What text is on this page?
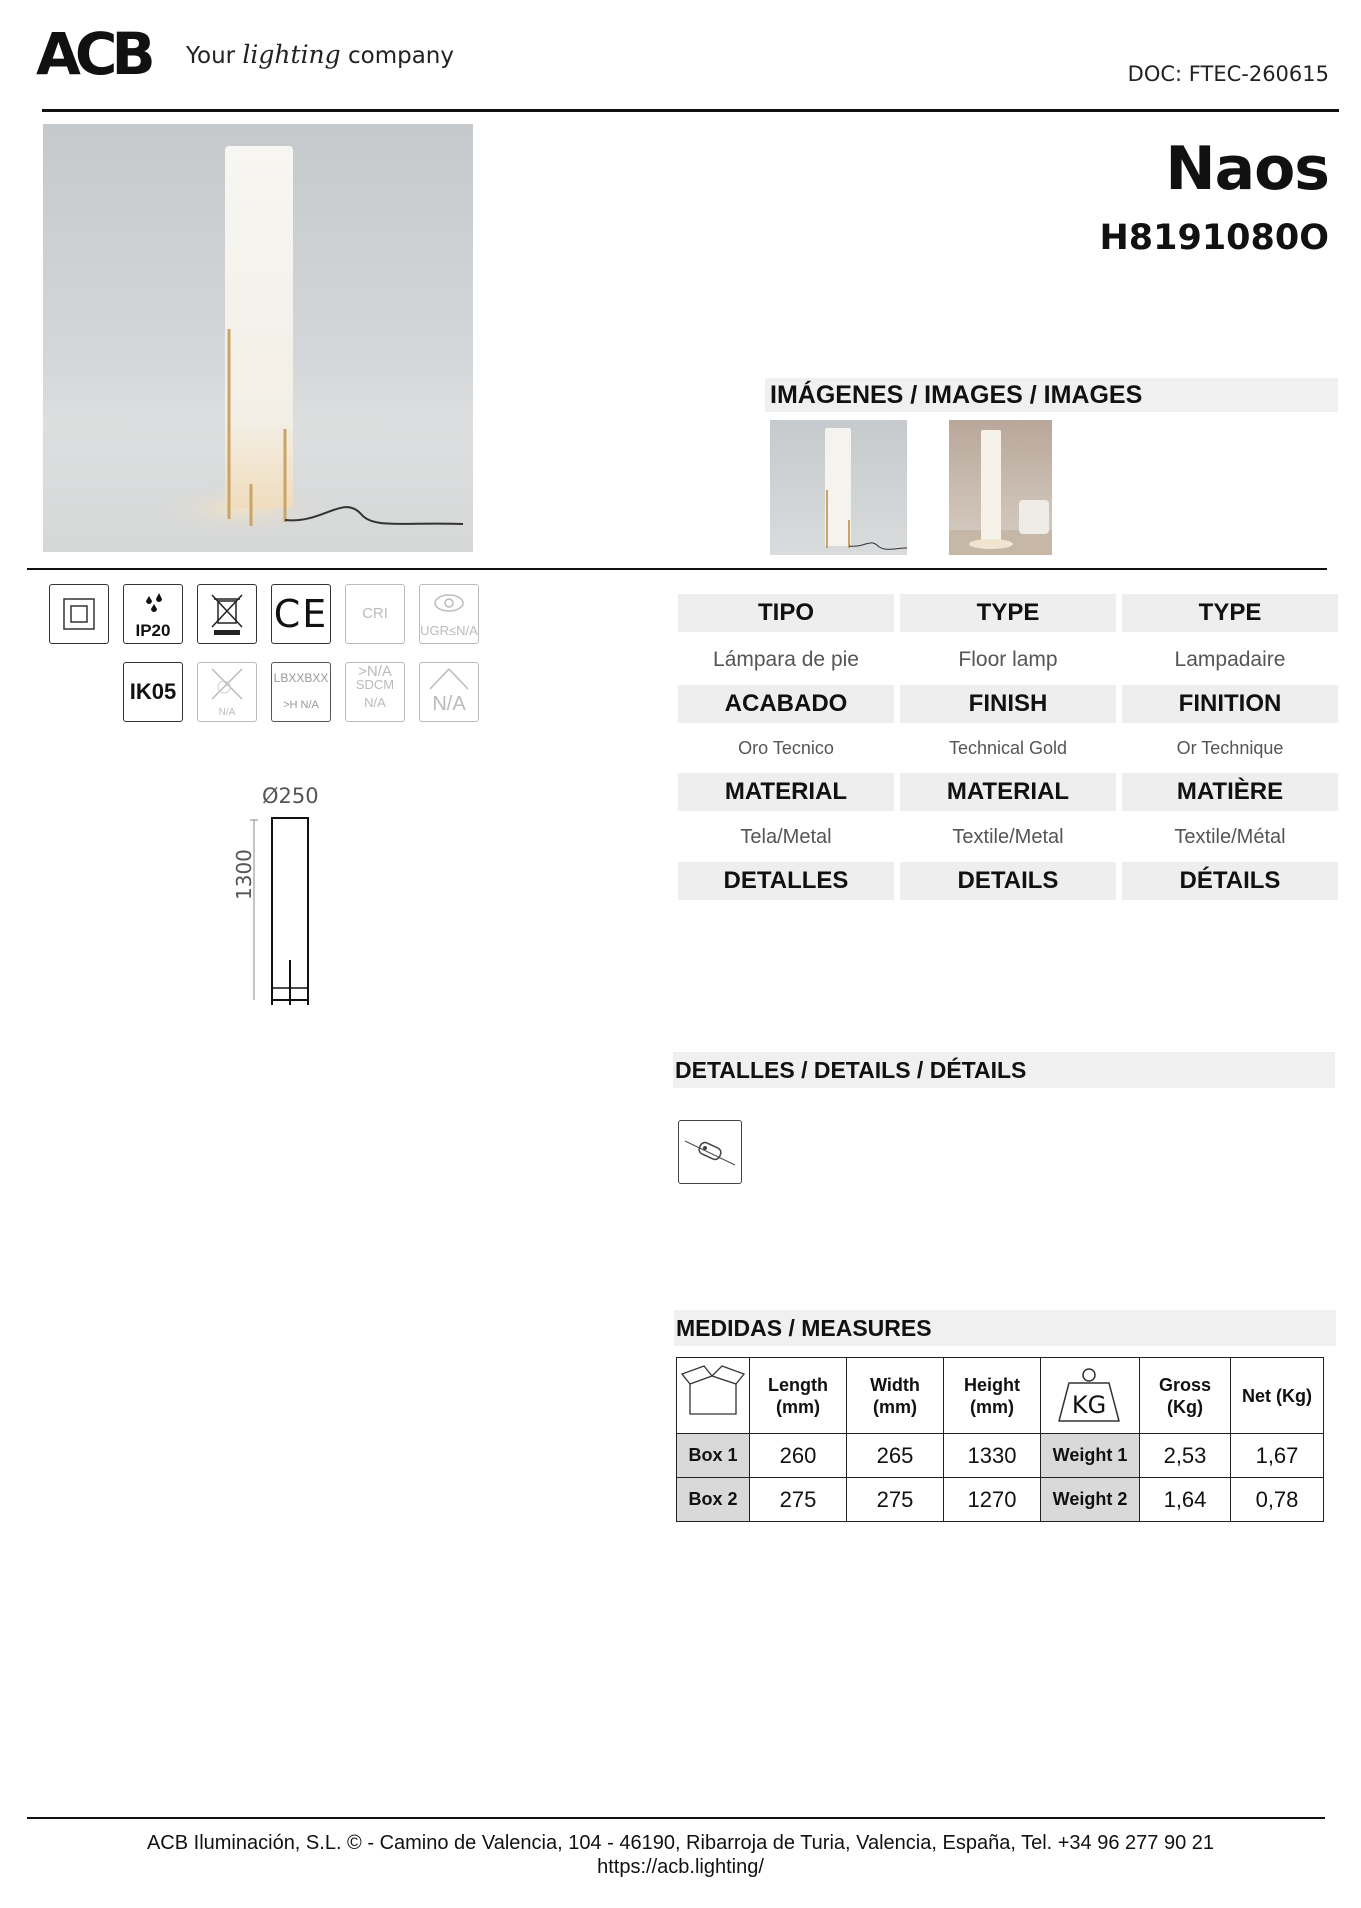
ACB Your lighting company
DOC: FTEC-260615
Naos
H8191080O
IMÁGENES / IMAGES / IMAGES
IP20	CE	CRI >N/A
UGR≤N/A
IK05
N/A
LBXXBXX
>H N/A
SDCM
N/A	N/A
Ø250
1300
TIPO	TYPE	TYPE
Lámpara de pie	Floor lamp	Lampadaire
ACABADO	FINISH	FINITION
Oro Tecnico	Technical Gold	Or Technique
MATERIAL	MATERIAL	MATIÈRE
Tela/Metal	Textile/Metal	Textile/Métal
DETALLES	DETAILS	DÉTAILS
DETALLES / DETAILS / DÉTAILS
MEDIDAS / MEASURES
	Length (mm)	Width (mm)	Height (mm)	KG	Gross (Kg)	Net (Kg)
Box 1	260	265	1330	Weight 1	2,53	1,67
Box 2	275	275	1270	Weight 2	1,64	0,78
ACB Iluminación, S.L. © - Camino de Valencia, 104 - 46190, Ribarroja de Turia, Valencia, España, Tel. +34 96 277 90 21
https://acb.lighting/
